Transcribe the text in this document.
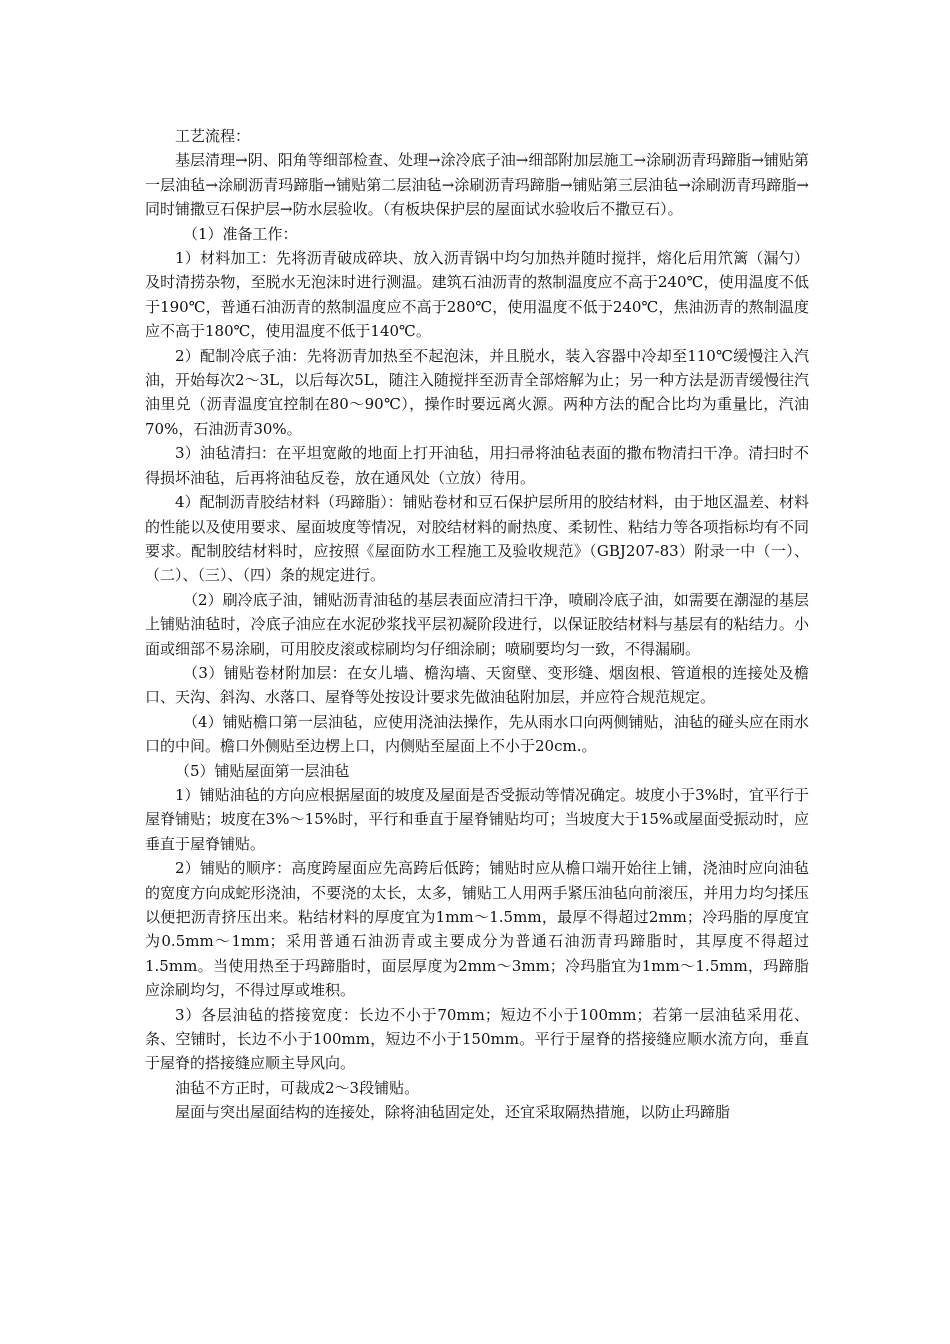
工艺流程：

基层清理→阴、阳角等细部检查、处理→涂冷底子油→细部附加层施工→涂刷沥青玛蹄脂→铺贴第一层油毡→涂刷沥青玛蹄脂→铺贴第二层油毡→涂刷沥青玛蹄脂→铺贴第三层油毡→涂刷沥青玛蹄脂→同时铺撒豆石保护层→防水层验收。（有板块保护层的屋面试水验收后不撒豆石）。

（1）准备工作：

1）材料加工：先将沥青破成碎块、放入沥青锅中均匀加热并随时搅拌，熔化后用笊篱（漏勺）及时清捞杂物，至脱水无泡沫时进行测温。建筑石油沥青的熬制温度应不高于240℃，使用温度不低于190℃，普通石油沥青的熬制温度应不高于280℃，使用温度不低于240℃，焦油沥青的熬制温度应不高于180℃，使用温度不低于140℃。

2）配制冷底子油：先将沥青加热至不起泡沫，并且脱水，装入容器中冷却至110℃缓慢注入汽油，开始每次2～3L，以后每次5L，随注入随搅拌至沥青全部熔解为止；另一种方法是沥青缓慢往汽油里兑（沥青温度宜控制在80～90℃），操作时要远离火源。两种方法的配合比均为重量比，汽油70%，石油沥青30%。

3）油毡清扫：在平坦宽敞的地面上打开油毡，用扫帚将油毡表面的撒布物清扫干净。清扫时不得损坏油毡，后再将油毡反卷，放在通风处（立放）待用。

4）配制沥青胶结材料（玛蹄脂）：铺贴卷材和豆石保护层所用的胶结材料，由于地区温差、材料的性能以及使用要求、屋面坡度等情况，对胶结材料的耐热度、柔韧性、粘结力等各项指标均有不同要求。配制胶结材料时，应按照《屋面防水工程施工及验收规范》（GBJ207-83）附录一中（一）、（二）、（三）、（四）条的规定进行。

（2）刷冷底子油，铺贴沥青油毡的基层表面应清扫干净，喷刷冷底子油，如需要在潮湿的基层上铺贴油毡时，冷底子油应在水泥砂浆找平层初凝阶段进行，以保证胶结材料与基层有的粘结力。小面或细部不易涂刷，可用胶皮滚或棕刷均匀仔细涂刷；喷刷要均匀一致，不得漏刷。

（3）铺贴卷材附加层：在女儿墙、檐沟墙、天窗壁、变形缝、烟囱根、管道根的连接处及檐口、天沟、斜沟、水落口、屋脊等处按设计要求先做油毡附加层，并应符合规范规定。

（4）铺贴檐口第一层油毡，应使用浇油法操作，先从雨水口向两侧铺贴，油毡的碰头应在雨水口的中间。檐口外侧贴至边楞上口，内侧贴至屋面上不小于20cm.。

（5）铺贴屋面第一层油毡

1）铺贴油毡的方向应根据屋面的坡度及屋面是否受振动等情况确定。坡度小于3%时，宜平行于屋脊铺贴；坡度在3%～15%时，平行和垂直于屋脊铺贴均可；当坡度大于15%或屋面受振动时，应垂直于屋脊铺贴。

2）铺贴的顺序：高度跨屋面应先高跨后低跨；铺贴时应从檐口端开始往上铺，浇油时应向油毡的宽度方向成蛇形浇油，不要浇的太长，太多，铺贴工人用两手紧压油毡向前滚压，并用力均匀揉压以便把沥青挤压出来。粘结材料的厚度宜为1mm～1.5mm，最厚不得超过2mm；冷玛脂的厚度宜为0.5mm～1mm；采用普通石油沥青或主要成分为普通石油沥青玛蹄脂时，其厚度不得超过1.5mm。当使用热至于玛蹄脂时，面层厚度为2mm～3mm；冷玛脂宜为1mm～1.5mm，玛蹄脂应涂刷均匀，不得过厚或堆积。

3）各层油毡的搭接宽度：长边不小于70mm；短边不小于100mm；若第一层油毡采用花、条、空铺时，长边不小于100mm，短边不小于150mm。平行于屋脊的搭接缝应顺水流方向，垂直于屋脊的搭接缝应顺主导风向。

油毡不方正时，可裁成2～3段铺贴。

屋面与突出屋面结构的连接处，除将油毡固定处，还宜采取隔热措施，以防止玛蹄脂
